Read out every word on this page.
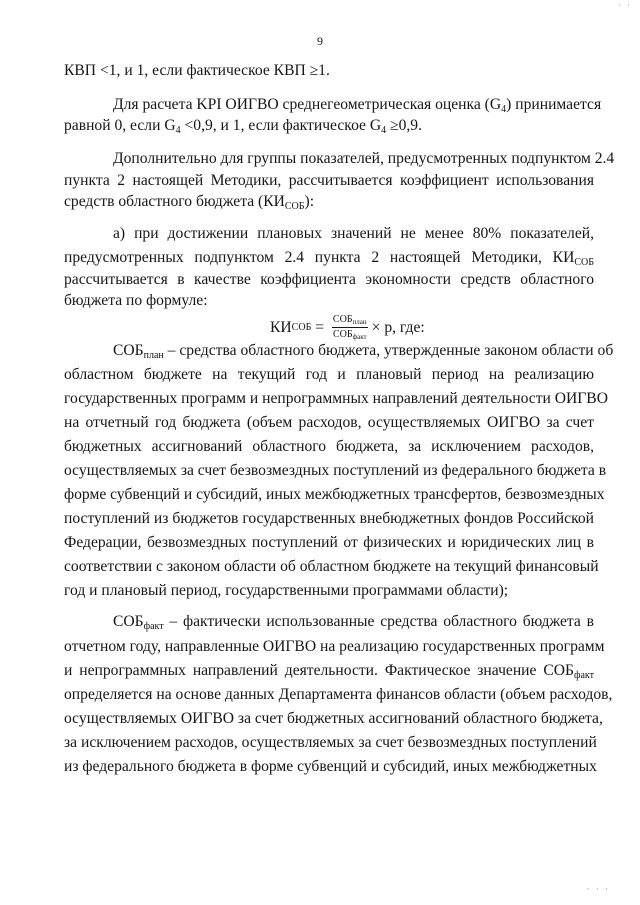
· ·
9
КВП <1, и 1, если фактическое КВП ≥1.
Для расчета KPI ОИГВО среднегеометрическая оценка $(G_4)$ принимается
равной 0, если $G_4 <0,9$, и 1, если фактическое $G_4 \ge 0,9$.
Дополнительно для группы показателей, предусмотренных подпунктом 2.4
пункта 2 настоящей Методики, рассчитывается коэффициент использования
средств областного бюджета $(КИ_{СОБ})$:
а) при достижении плановых значений не менее 80% показателей,
предусмотренных подпунктом 2.4 пункта 2 настоящей Методики, $КИ_{СОБ}$
рассчитывается в качестве коэффициента экономности средств областного
бюджета по формуле:
КИ СОБ = $\frac{СОБ_{план}}{СОБ_{факт}} \times p$, где:
$СОБ_{план}$ – средства областного бюджета, утвержденные законом области об
областном бюджете на текущий год и плановый период на реализацию
государственных программ и непрограммных направлений деятельности ОИГВО
на отчетный год бюджета (объем расходов, осуществляемых ОИГВО за счет
бюджетных ассигнований областного бюджета, за исключением расходов,
осуществляемых за счет безвозмездных поступлений из федерального бюджета в
форме субвенций и субсидий, иных межбюджетных трансфертов, безвозмездных
поступлений из бюджетов государственных внебюджетных фондов Российской
Федерации, безвозмездных поступлений от физических и юридических лиц в
соответствии с законом области об областном бюджете на текущий финансовый
год и плановый период, государственными программами области);
$СОБ_{факт}$ – фактически использованные средства областного бюджета в
отчетном году, направленные ОИГВО на реализацию государственных программ
и непрограммных направлений деятельности. Фактическое значение $СОБ_{факт}$
определяется на основе данных Департамента финансов области (объем расходов,
осуществляемых ОИГВО за счет бюджетных ассигнований областного бюджета,
за исключением расходов, осуществляемых за счет безвозмездных поступлений
из федерального бюджета в форме субвенций и субсидий, иных межбюджетных
· · ·
